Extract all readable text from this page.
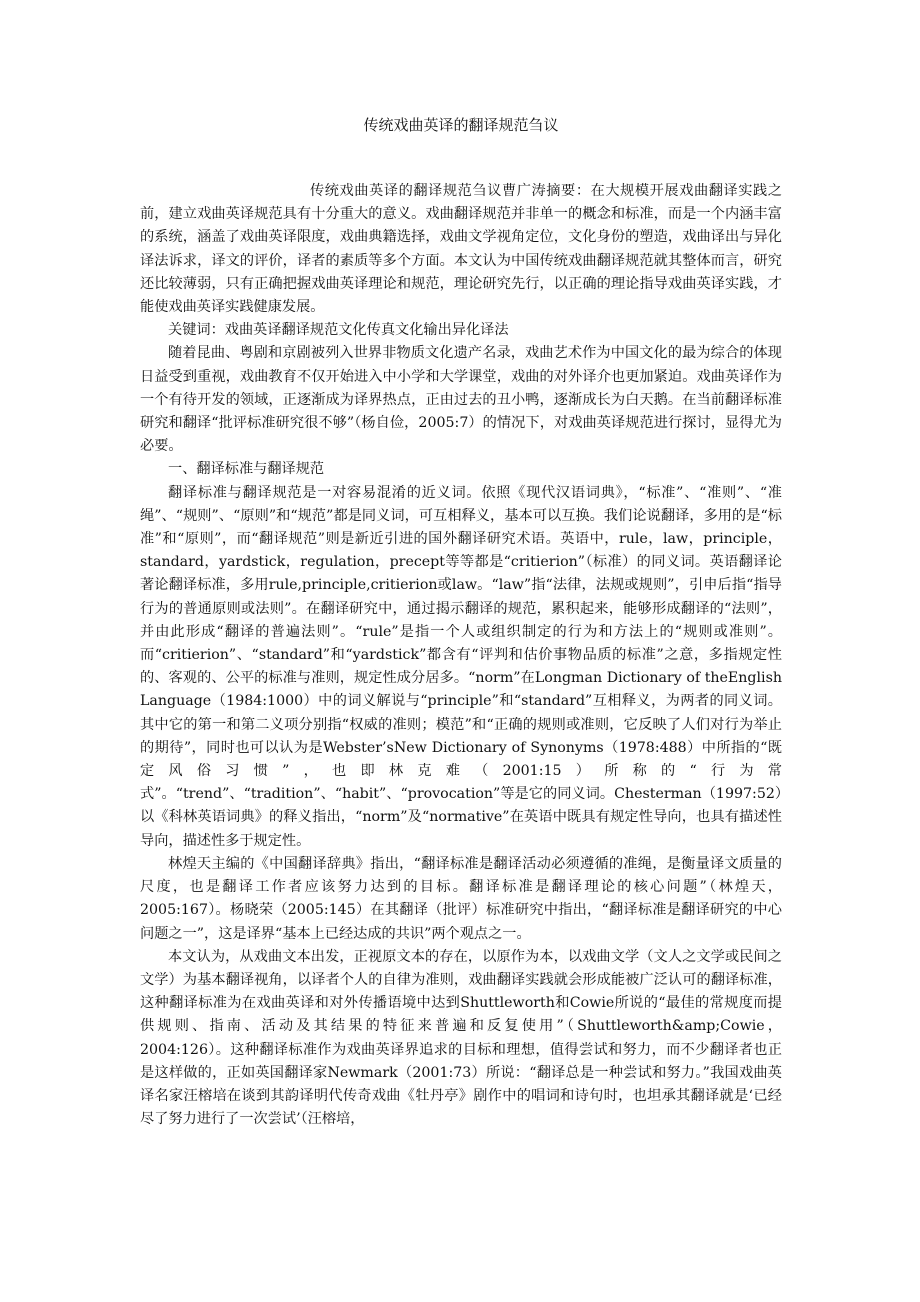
传统戏曲英译的翻译规范刍议

传统戏曲英译的翻译规范刍议曹广涛摘要：在大规模开展戏曲翻译实践之前，建立戏曲英译规范具有十分重大的意义。戏曲翻译规范并非单一的概念和标准，而是一个内涵丰富的系统，涵盖了戏曲英译限度，戏曲典籍选择，戏曲文学视角定位，文化身份的塑造，戏曲译出与异化译法诉求，译文的评价，译者的素质等多个方面。本文认为中国传统戏曲翻译规范就其整体而言，研究还比较薄弱，只有正确把握戏曲英译理论和规范，理论研究先行，以正确的理论指导戏曲英译实践，才能使戏曲英译实践健康发展。

关键词：戏曲英译翻译规范文化传真文化输出异化译法

随着昆曲、粤剧和京剧被列入世界非物质文化遗产名录，戏曲艺术作为中国文化的最为综合的体现日益受到重视，戏曲教育不仅开始进入中小学和大学课堂，戏曲的对外译介也更加紧迫。戏曲英译作为一个有待开发的领域，正逐渐成为译界热点，正由过去的丑小鸭，逐渐成长为白天鹅。在当前翻译标准研究和翻译“批评标准研究很不够”（杨自俭，2005:7）的情况下，对戏曲英译规范进行探讨，显得尤为必要。

一、翻译标准与翻译规范

翻译标准与翻译规范是一对容易混淆的近义词。依照《现代汉语词典》，“标准”、“准则”、“准绳”、“规则”、“原则”和“规范”都是同义词，可互相释义，基本可以互换。我们论说翻译，多用的是“标准”和“原则”，而“翻译规范”则是新近引进的国外翻译研究术语。英语中，rule，law，principle，standard，yardstick，regulation，precept等等都是“critierion”（标准）的同义词。英语翻译论著论翻译标准，多用rule,principle,critierion或law。“law”指“法律，法规或规则”，引申后指“指导行为的普通原则或法则”。在翻译研究中，通过揭示翻译的规范，累积起来，能够形成翻译的“法则”，并由此形成“翻译的普遍法则”。“rule”是指一个人或组织制定的行为和方法上的“规则或准则”。而“critierion”、“standard”和“yardstick”都含有“评判和估价事物品质的标准”之意，多指规定性的、客观的、公平的标准与准则，规定性成分居多。“norm”在Longman Dictionary of theEnglish Language（1984:1000）中的词义解说与“principle”和“standard”互相释义，为两者的同义词。其中它的第一和第二义项分别指“权威的准则；模范”和“正确的规则或准则，它反映了人们对行为举止的期待”，同时也可以认为是Webster’sNew Dictionary of Synonyms（1978:488）中所指的“既定风俗习惯”，也即林克难（2001:15）所称的“行为常式”。“trend”、“tradition”、“habit”、“provocation”等是它的同义词。Chesterman（1997:52）以《科林英语词典》的释义指出，“norm”及“normative”在英语中既具有规定性导向，也具有描述性导向，描述性多于规定性。

林煌天主编的《中国翻译辞典》指出，“翻译标准是翻译活动必须遵循的准绳，是衡量译文质量的尺度，也是翻译工作者应该努力达到的目标。翻译标准是翻译理论的核心问题”（林煌天，2005:167）。杨晓荣（2005:145）在其翻译（批评）标准研究中指出，“翻译标准是翻译研究的中心问题之一”，这是译界“基本上已经达成的共识”两个观点之一。

本文认为，从戏曲文本出发，正视原文本的存在，以原作为本，以戏曲文学（文人之文学或民间之文学）为基本翻译视角，以译者个人的自律为准则，戏曲翻译实践就会形成能被广泛认可的翻译标准，这种翻译标准为在戏曲英译和对外传播语境中达到Shuttleworth和Cowie所说的“最佳的常规度而提供规则、指南、活动及其结果的特征来普遍和反复使用”（Shuttleworth&amp;Cowie，2004:126）。这种翻译标准作为戏曲英译界追求的目标和理想，值得尝试和努力，而不少翻译者也正是这样做的，正如英国翻译家Newmark（2001:73）所说：“翻译总是一种尝试和努力。”我国戏曲英译名家汪榕培在谈到其韵译明代传奇戏曲《牡丹亭》剧作中的唱词和诗句时，也坦承其翻译就是‘已经尽了努力进行了一次尝试’（汪榕培，
